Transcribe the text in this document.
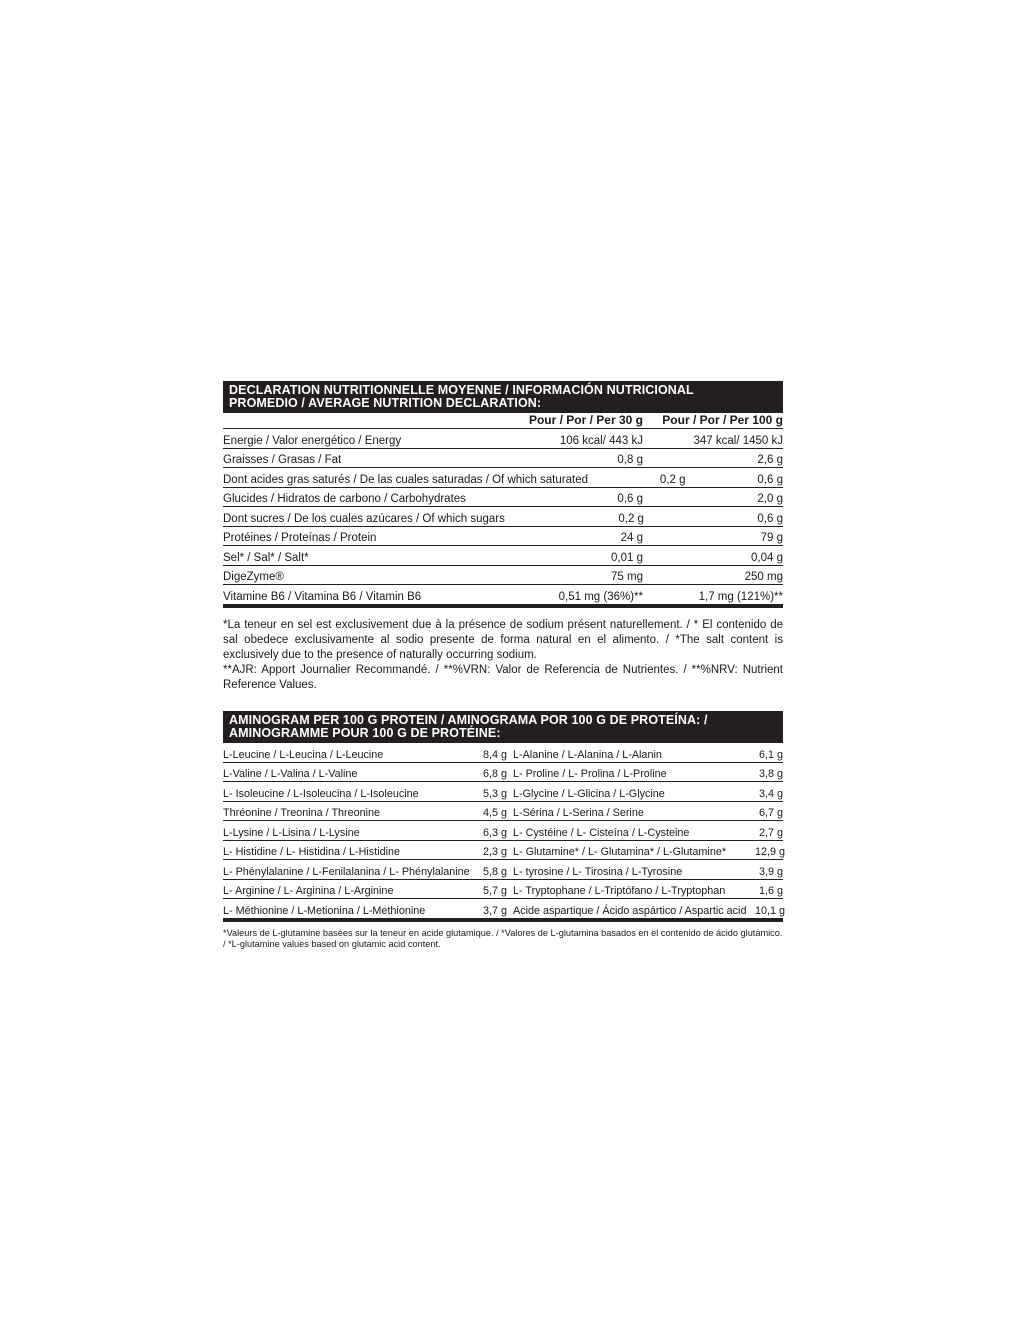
DECLARATION NUTRITIONNELLE MOYENNE / INFORMACIÓN NUTRICIONAL
PROMEDIO / AVERAGE NUTRITION DECLARATION:
Pour / Por / Per 30 g	Pour / Por / Per 100 g
Energie / Valor energético / Energy	106 kcal/ 443 kJ	347 kcal/ 1450 kJ
Graisses / Grasas / Fat	0,8 g	2,6 g
Dont acides gras saturés / De las cuales saturadas / Of which saturated	0,2 g	0,6 g
Glucides / Hidratos de carbono / Carbohydrates	0,6 g	2,0 g
Dont sucres / De los cuales azúcares / Of which sugars	0,2 g	0,6 g
Protéines / Proteínas / Protein	24 g	79 g
Sel* / Sal* / Salt*	0,01 g	0,04 g
DigeZyme®	75 mg	250 mg
Vitamine B6 / Vitamina B6 / Vitamin B6	0,51 mg (36%)**	1,7 mg (121%)**

*La teneur en sel est exclusivement due à la présence de sodium présent naturellement. / * El contenido de sal obedece exclusivamente al sodio presente de forma natural en el alimento. / *The salt content is exclusively due to the presence of naturally occurring sodium.

**AJR: Apport Journalier Recommandé. / **%VRN: Valor de Referencia de Nutrientes. / **%NRV: Nutrient Reference Values.

AMINOGRAM PER 100 G PROTEIN / AMINOGRAMA POR 100 G DE PROTEÍNA: /
AMINOGRAMME POUR 100 G DE PROTÉINE:
L-Leucine / L-Leucina / L-Leucine	8,4 g L-Alanine / L-Alanina / L-Alanin	6,1 g
L-Valine / L-Valina / L-Valine	6,8 g L- Proline / L- Prolina / L-Proline	3,8 g
L- Isoleucine / L-Isoleucina / L-Isoleucine	5,3 g L-Glycine / L-Glicina / L-Glycine	3,4 g
Thréonine / Treonina / Threonine	4,5 g L-Sérina / L-Serina / Serine	6,7 g
L-Lysine / L-Lisina / L-Lysine	6,3 g L- Cystéine / L- Cisteína / L-Cysteine	2,7 g
L- Histidine / L- Histidina / L-Histidine	2,3 g L- Glutamine* / L- Glutamina* / L-Glutamine*	12,9 g
L- Phénylalanine / L-Fenilalanina / L- Phénylalanine	5,8 g L- tyrosine / L- Tirosina / L-Tyrosine	3,9 g
L- Arginine / L- Arginina / L-Arginine	5,7 g L- Tryptophane / L-Triptófano / L-Tryptophan	1,6 g
L- Méthionine / L-Metionina / L-Methionine	3,7 g Acide aspartique / Ácido aspártico / Aspartic acid 10,1 g
*Valeurs de L-glutamine basées sur la teneur en acide glutamique. / *Valores de L-glutamina basados en el contenido de ácido glutámico. / *L-glutamine values based on glutamic acid content.
